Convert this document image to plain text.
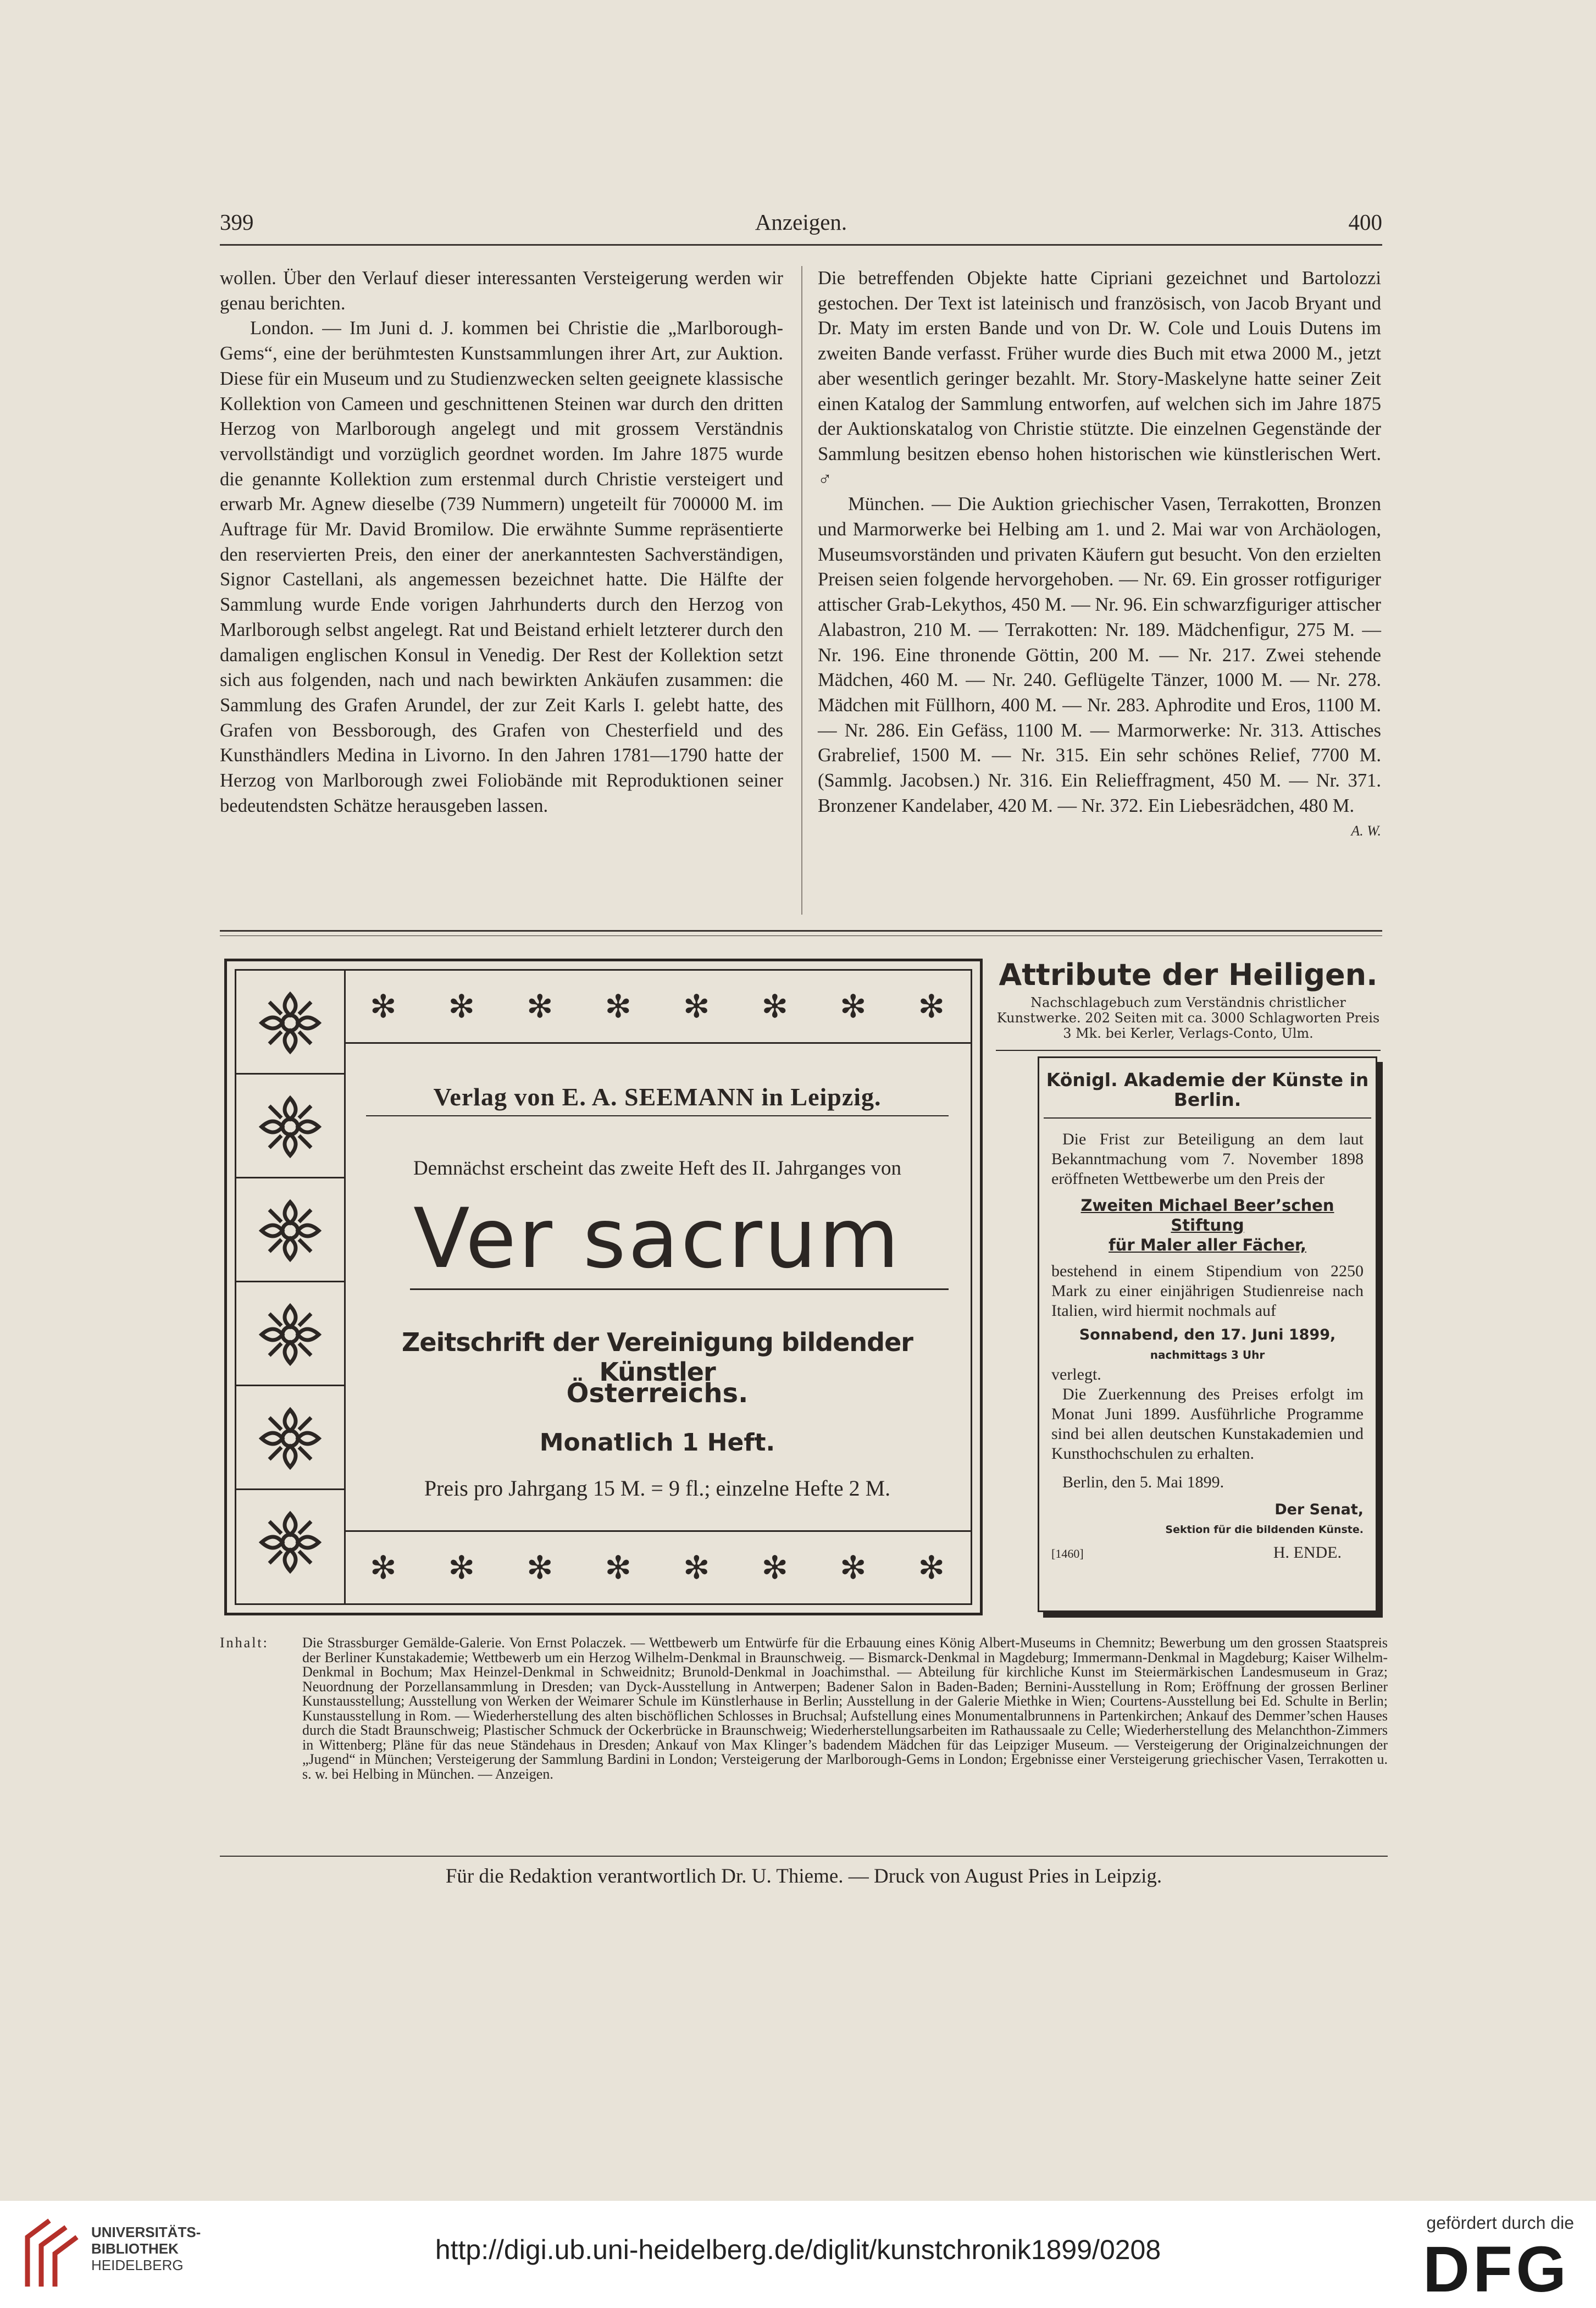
399	Anzeigen.	400

wollen. Über den Verlauf dieser interessanten Versteigerung werden wir genau berichten.

London. — Im Juni d. J. kommen bei Christie die „Marlborough-Gems“, eine der berühmtesten Kunstsammlungen ihrer Art, zur Auktion. Diese für ein Museum und zu Studienzwecken selten geeignete klassische Kollektion von Cameen und geschnittenen Steinen war durch den dritten Herzog von Marlborough angelegt und mit grossem Verständnis vervollständigt und vorzüglich geordnet worden. Im Jahre 1875 wurde die genannte Kollektion zum erstenmal durch Christie versteigert und erwarb Mr. Agnew dieselbe (739 Nummern) ungeteilt für 700000 M. im Auftrage für Mr. David Bromilow. Die erwähnte Summe repräsentierte den reservierten Preis, den einer der anerkanntesten Sachverständigen, Signor Castellani, als angemessen bezeichnet hatte. Die Hälfte der Sammlung wurde Ende vorigen Jahrhunderts durch den Herzog von Marlborough selbst angelegt. Rat und Beistand erhielt letzterer durch den damaligen englischen Konsul in Venedig. Der Rest der Kollektion setzt sich aus folgenden, nach und nach bewirkten Ankäufen zusammen: die Sammlung des Grafen Arundel, der zur Zeit Karls I. gelebt hatte, des Grafen von Bessborough, des Grafen von Chesterfield und des Kunsthändlers Medina in Livorno. In den Jahren 1781—1790 hatte der Herzog von Marlborough zwei Foliobände mit Reproduktionen seiner bedeutendsten Schätze herausgeben lassen.

Die betreffenden Objekte hatte Cipriani gezeichnet und Bartolozzi gestochen. Der Text ist lateinisch und französisch, von Jacob Bryant und Dr. Maty im ersten Bande und von Dr. W. Cole und Louis Dutens im zweiten Bande verfasst. Früher wurde dies Buch mit etwa 2000 M., jetzt aber wesentlich geringer bezahlt. Mr. Story-Maskelyne hatte seiner Zeit einen Katalog der Sammlung entworfen, auf welchen sich im Jahre 1875 der Auktionskatalog von Christie stützte. Die einzelnen Gegenstände der Sammlung besitzen ebenso hohen historischen wie künstlerischen Wert. ♂

München. — Die Auktion griechischer Vasen, Terrakotten, Bronzen und Marmorwerke bei Helbing am 1. und 2. Mai war von Archäologen, Museumsvorständen und privaten Käufern gut besucht. Von den erzielten Preisen seien folgende hervorgehoben. — Nr. 69. Ein grosser rotfiguriger attischer Grab-Lekythos, 450 M. — Nr. 96. Ein schwarzfiguriger attischer Alabastron, 210 M. — Terrakotten: Nr. 189. Mädchenfigur, 275 M. — Nr. 196. Eine thronende Göttin, 200 M. — Nr. 217. Zwei stehende Mädchen, 460 M. — Nr. 240. Geflügelte Tänzer, 1000 M. — Nr. 278. Mädchen mit Füllhorn, 400 M. — Nr. 283. Aphrodite und Eros, 1100 M. — Nr. 286. Ein Gefäss, 1100 M. — Marmorwerke: Nr. 313. Attisches Grabrelief, 1500 M. — Nr. 315. Ein sehr schönes Relief, 7700 M. (Sammlg. Jacobsen.) Nr. 316. Ein Relieffragment, 450 M. — Nr. 371. Bronzener Kandelaber, 420 M. — Nr. 372. Ein Liebesrädchen, 480 M.
A. W.

✻ ✻ ✻ ✻ ✻ ✻ ✻ ✻
Verlag von E. A. SEEMANN in Leipzig.
Demnächst erscheint das zweite Heft des II. Jahrganges von
Ver sacrum
Zeitschrift der Vereinigung bildender Künstler
Österreichs.
Monatlich 1 Heft.
Preis pro Jahrgang 15 M. = 9 fl.; einzelne Hefte 2 M.
✻ ✻ ✻ ✻ ✻ ✻ ✻ ✻
Attribute der Heiligen.
Nachschlagebuch zum Verständnis christlicher Kunstwerke. 202 Seiten mit ca. 3000 Schlagworten Preis 3 Mk. bei Kerler, Verlags-Conto, Ulm.
Königl. Akademie der Künste in Berlin.

Die Frist zur Beteiligung an dem laut Bekanntmachung vom 7. November 1898 eröffneten Wettbewerbe um den Preis der

Zweiten Michael Beer’schen Stiftung

für Maler aller Fächer,

bestehend in einem Stipendium von 2250 Mark zu einer einjährigen Studienreise nach Italien, wird hiermit nochmals auf

Sonnabend, den 17. Juni 1899,

nachmittags 3 Uhr

verlegt.

Die Zuerkennung des Preises erfolgt im Monat Juni 1899. Ausführliche Programme sind bei allen deutschen Kunstakademien und Kunsthochschulen zu erhalten.

Berlin, den 5. Mai 1899.

Der Senat,

Sektion für die bildenden Künste.

[1460]	H. ENDE.

Inhalt: Die Strassburger Gemälde-Galerie. Von Ernst Polaczek. — Wettbewerb um Entwürfe für die Erbauung eines König Albert-Museums in Chemnitz; Bewerbung um den grossen Staatspreis der Berliner Kunstakademie; Wettbewerb um ein Herzog Wilhelm-Denkmal in Braunschweig. — Bismarck-Denkmal in Magdeburg; Immermann-Denkmal in Magdeburg; Kaiser Wilhelm-Denkmal in Bochum; Max Heinzel-Denkmal in Schweidnitz; Brunold-Denkmal in Joachimsthal. — Abteilung für kirchliche Kunst im Steiermärkischen Landesmuseum in Graz; Neuordnung der Porzellansammlung in Dresden; van Dyck-Ausstellung in Antwerpen; Badener Salon in Baden-Baden; Bernini-Ausstellung in Rom; Eröffnung der grossen Berliner Kunstausstellung; Ausstellung von Werken der Weimarer Schule im Künstlerhause in Berlin; Ausstellung in der Galerie Miethke in Wien; Courtens-Ausstellung bei Ed. Schulte in Berlin; Kunstausstellung in Rom. — Wiederherstellung des alten bischöflichen Schlosses in Bruchsal; Aufstellung eines Monumentalbrunnens in Partenkirchen; Ankauf des Demmer’schen Hauses durch die Stadt Braunschweig; Plastischer Schmuck der Ockerbrücke in Braunschweig; Wiederherstellungsarbeiten im Rathaussaale zu Celle; Wiederherstellung des Melanchthon-Zimmers in Wittenberg; Pläne für das neue Ständehaus in Dresden; Ankauf von Max Klinger’s badendem Mädchen für das Leipziger Museum. — Versteigerung der Originalzeichnungen der „Jugend“ in München; Versteigerung der Sammlung Bardini in London; Versteigerung der Marlborough-Gems in London; Ergebnisse einer Versteigerung griechischer Vasen, Terrakotten u. s. w. bei Helbing in München. — Anzeigen.
Für die Redaktion verantwortlich Dr. U. Thieme. — Druck von August Pries in Leipzig.
UNIVERSITÄTS-
BIBLIOTHEK
HEIDELBERG	http://digi.ub.uni-heidelberg.de/diglit/kunstchronik1899/0208
gefördert durch die
DFG
